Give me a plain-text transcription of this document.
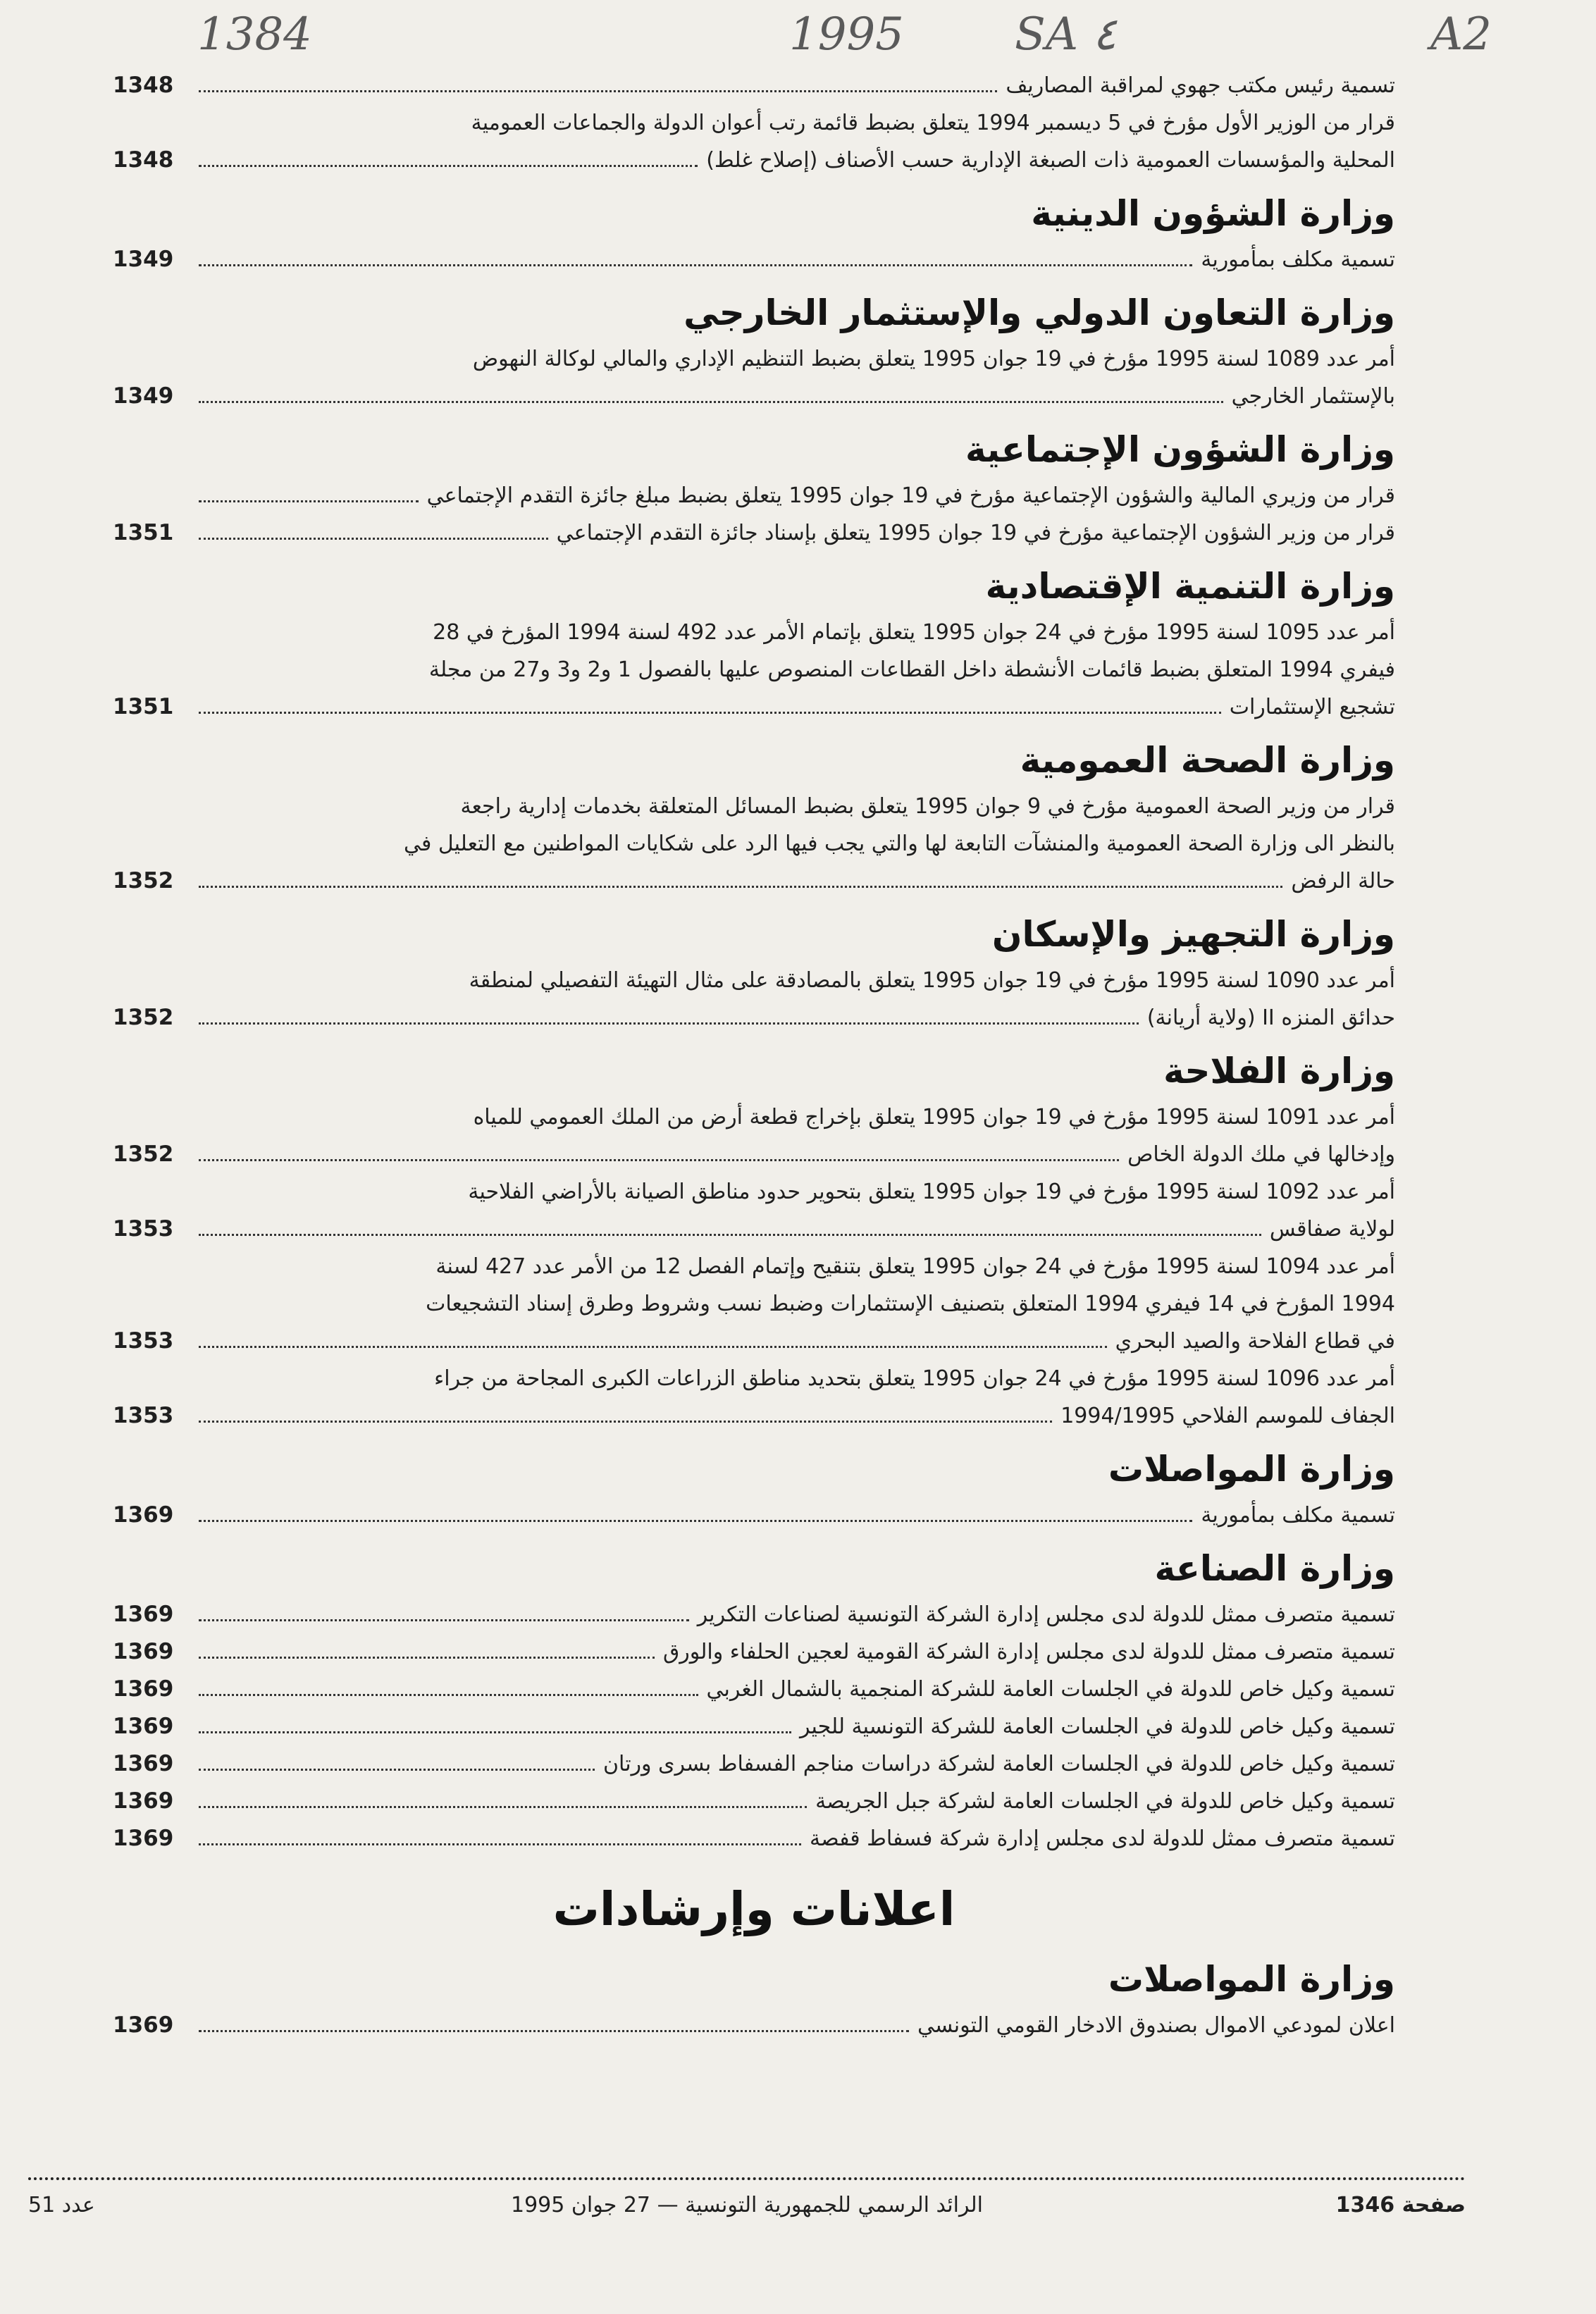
A2
SA ٤
1995
1384
تسمية رئيس مكتب جهوي لمراقبة المصاريف
1348
قرار من الوزير الأول مؤرخ في 5 ديسمبر 1994 يتعلق بضبط قائمة رتب أعوان الدولة والجماعات العمومية
المحلية والمؤسسات العمومية ذات الصبغة الإدارية حسب الأصناف (إصلاح غلط)
1348
وزارة الشؤون الدينية
تسمية مكلف بمأمورية
1349
وزارة التعاون الدولي والإستثمار الخارجي
أمر عدد 1089 لسنة 1995 مؤرخ في 19 جوان 1995 يتعلق بضبط التنظيم الإداري والمالي لوكالة النهوض
بالإستثمار الخارجي
1349
وزارة الشؤون الإجتماعية
قرار من وزيري المالية والشؤون الإجتماعية مؤرخ في 19 جوان 1995 يتعلق بضبط مبلغ جائزة التقدم الإجتماعي
قرار من وزير الشؤون الإجتماعية مؤرخ في 19 جوان 1995 يتعلق بإسناد جائزة التقدم الإجتماعي
1351
وزارة التنمية الإقتصادية
أمر عدد 1095 لسنة 1995 مؤرخ في 24 جوان 1995 يتعلق بإتمام الأمر عدد 492 لسنة 1994 المؤرخ في 28
فيفري 1994 المتعلق بضبط قائمات الأنشطة داخل القطاعات المنصوص عليها بالفصول 1 و2 و3 و27 من مجلة
تشجيع الإستثمارات
1351
وزارة الصحة العمومية
قرار من وزير الصحة العمومية مؤرخ في 9 جوان 1995 يتعلق بضبط المسائل المتعلقة بخدمات إدارية راجعة
بالنظر الى وزارة الصحة العمومية والمنشآت التابعة لها والتي يجب فيها الرد على شكايات المواطنين مع التعليل في
حالة الرفض
1352
وزارة التجهيز والإسكان
أمر عدد 1090 لسنة 1995 مؤرخ في 19 جوان 1995 يتعلق بالمصادقة على مثال التهيئة التفصيلي لمنطقة
حدائق المنزه II (ولاية أريانة)
1352
وزارة الفلاحة
أمر عدد 1091 لسنة 1995 مؤرخ في 19 جوان 1995 يتعلق بإخراج قطعة أرض من الملك العمومي للمياه
وإدخالها في ملك الدولة الخاص
1352
أمر عدد 1092 لسنة 1995 مؤرخ في 19 جوان 1995 يتعلق بتحوير حدود مناطق الصيانة بالأراضي الفلاحية
لولاية صفاقس
1353
أمر عدد 1094 لسنة 1995 مؤرخ في 24 جوان 1995 يتعلق بتنقيح وإتمام الفصل 12 من الأمر عدد 427 لسنة
1994 المؤرخ في 14 فيفري 1994 المتعلق بتصنيف الإستثمارات وضبط نسب وشروط وطرق إسناد التشجيعات
في قطاع الفلاحة والصيد البحري
1353
أمر عدد 1096 لسنة 1995 مؤرخ في 24 جوان 1995 يتعلق بتحديد مناطق الزراعات الكبرى المجاحة من جراء
الجفاف للموسم الفلاحي 1994/1995
1353
وزارة المواصلات
تسمية مكلف بمأمورية
1369
وزارة الصناعة
تسمية متصرف ممثل للدولة لدى مجلس إدارة الشركة التونسية لصناعات التكرير
1369
تسمية متصرف ممثل للدولة لدى مجلس إدارة الشركة القومية لعجين الحلفاء والورق
1369
تسمية وكيل خاص للدولة في الجلسات العامة للشركة المنجمية بالشمال الغربي
1369
تسمية وكيل خاص للدولة في الجلسات العامة للشركة التونسية للجير
1369
تسمية وكيل خاص للدولة في الجلسات العامة لشركة دراسات مناجم الفسفاط بسرى ورتان
1369
تسمية وكيل خاص للدولة في الجلسات العامة لشركة جبل الجريصة
1369
تسمية متصرف ممثل للدولة لدى مجلس إدارة شركة فسفاط قفصة
1369
اعلانات وإرشادات
وزارة المواصلات
اعلان لمودعي الاموال بصندوق الادخار القومي التونسي
1369
صفحة 1346
الرائد الرسمي للجمهورية التونسية — 27 جوان 1995
عدد 51
